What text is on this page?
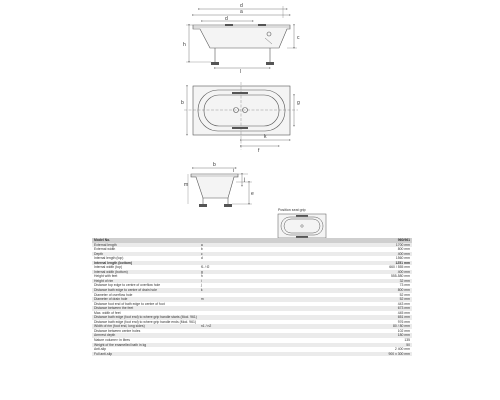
d
a
d
l
h
c
b	g
k
f
b
i
j
e
m
Position seat grip
Model No.		960/961
External length	a	1700 mm
External width	b	800 mm
Depth	c	400 mm
Internal length (top)	d	1560 mm
Internal length (bottom)		1251 mm
Internal width (top)	f1 / f2	660 / 555 mm
Internal width (bottom)	g	400 mm
Height with feet	h	555-580 mm
Height of rim	i	32 mm
Distance top edge to centre of overflow hole	j	73 mm
Distance bath edge to centre of drain hole	k	800 mm
Diameter of overflow hole		52 mm
Diameter of drain hole	m	52 mm
Distance foot end of bath edge to centre of foot		443 mm
Distance between the feet		673 mm
Max. width of feet		445 mm
Distance bath edge (foot end) to where grip handle starts (Mod. 961)		651 mm
Distance bath edge (foot end) to where grip handle ends (Mod. 961)		976 mm
Width of rim (foot end, long sides)	n1 / n2	80 / 80 mm
Distance between centre holes		102 mm
Armrest depth		180 mm
Nature volume²³ in litres		135
Weight of the enamelled bath in kg		50
Anti-slip		2 400 mm
Full anti-slip		900 x 300 mm
